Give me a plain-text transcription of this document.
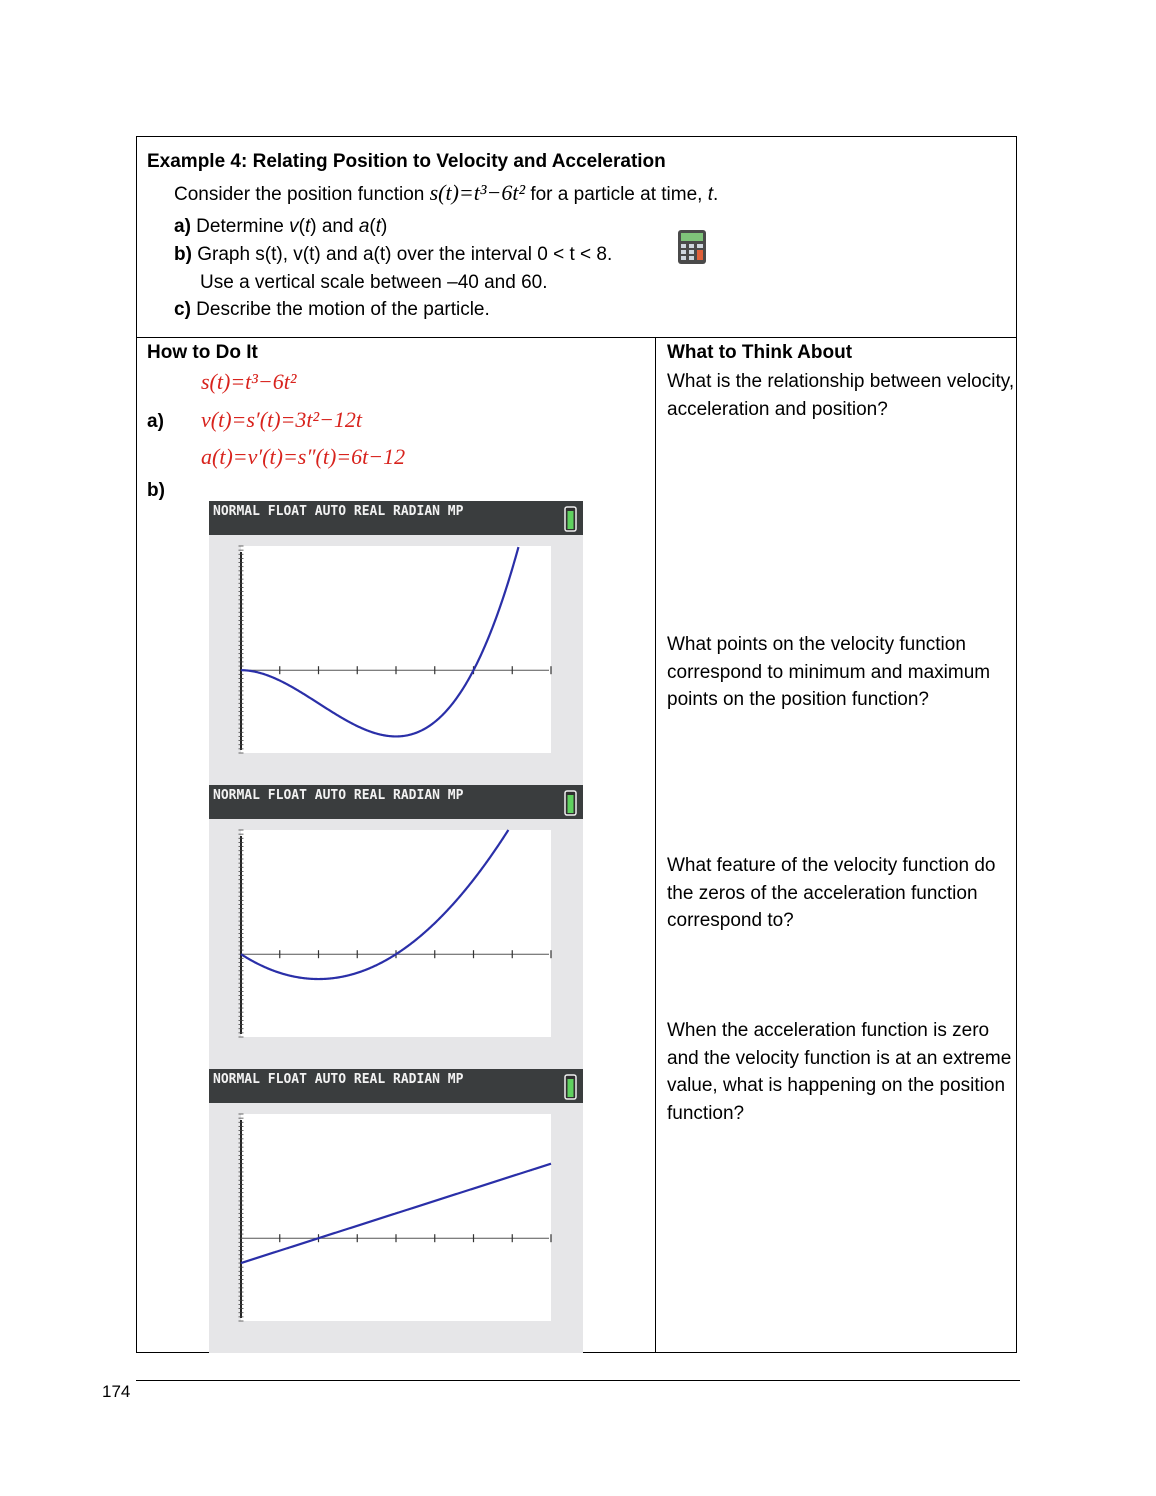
Example 4: Relating Position to Velocity and Acceleration
Consider the position function s(t)=t³−6t² for a particle at time, t.
a) Determine v(t) and a(t)
b) Graph s(t), v(t) and a(t) over the interval 0 < t < 8.
Use a vertical scale between –40 and 60.
c) Describe the motion of the particle.
How to Do It
s(t)=t³−6t²
a) v(t)=s′(t)=3t²−12t
a(t)=v′(t)=s″(t)=6t−12
b)
NORMAL FLOAT AUTO REAL RADIAN MP
NORMAL FLOAT AUTO REAL RADIAN MP
NORMAL FLOAT AUTO REAL RADIAN MP
What to Think About
What is the relationship between velocity, acceleration and position?
What points on the velocity function correspond to minimum and maximum points on the position function?
What feature of the velocity function do the zeros of the acceleration function correspond to?
When the acceleration function is zero and the velocity function is at an extreme value, what is happening on the position function?
174
